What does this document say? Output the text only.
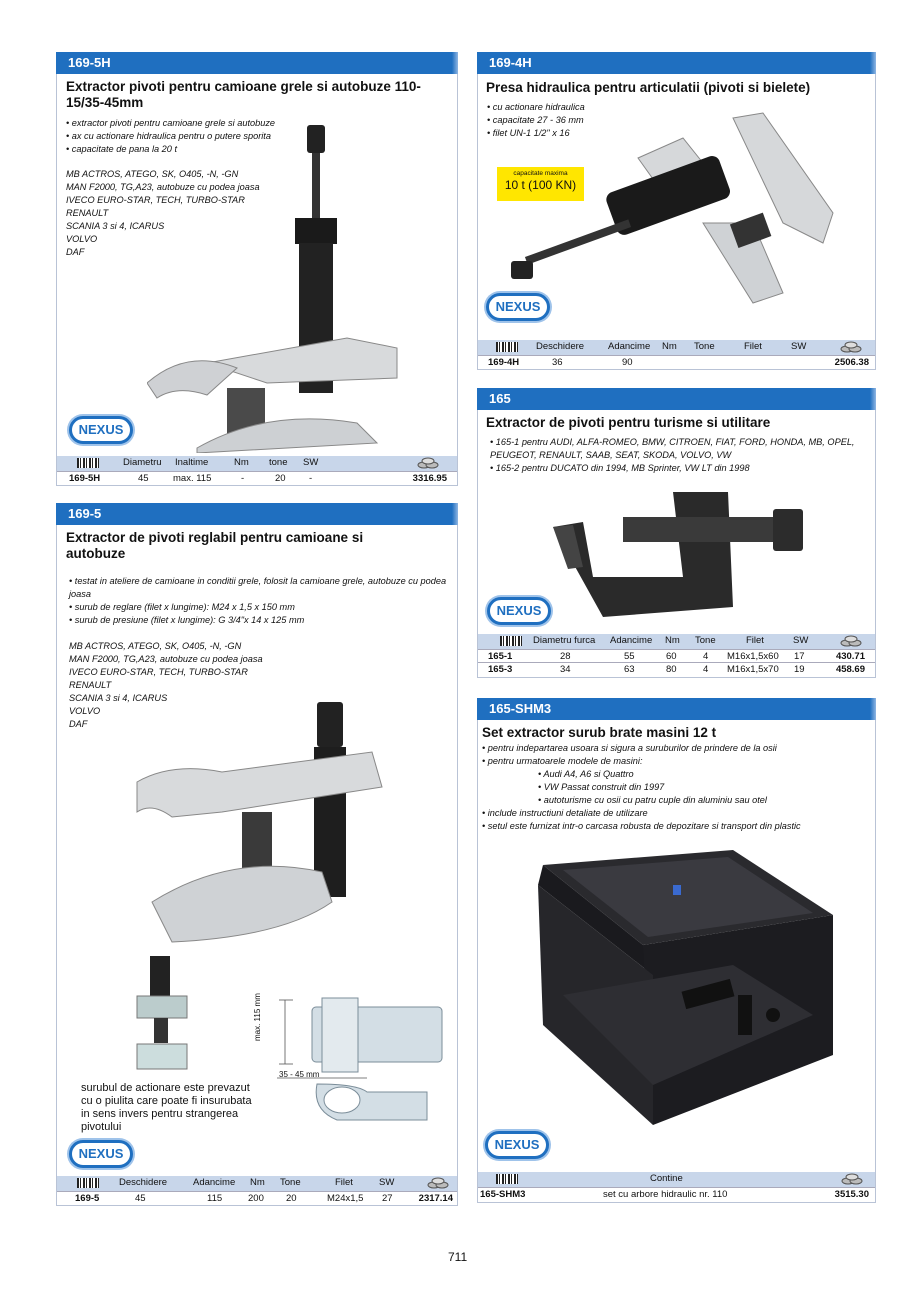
169-5H
Extractor pivoti pentru camioane grele si autobuze 110-15/35-45mm
• extractor pivoti pentru camioane grele si autobuze
• ax cu actionare hidraulica pentru o putere sporita
• capacitate de pana la 20 t
MB ACTROS, ATEGO, SK, O405, -N, -GN
MAN F2000, TG,A23, autobuze cu podea joasa
IVECO EURO-STAR, TECH, TURBO-STAR
RENAULT
SCANIA 3 si 4, ICARUS
VOLVO
DAF
NEXUS
Diametru Inaltime	Nm tone SW
169-5H	45	max. 115	-	20 -	3316.95
169-4H
Presa hidraulica pentru articulatii (pivoti si bielete)
• cu actionare hidraulica
• capacitate 27 - 36 mm
• filet UN-1 1/2" x 16
capacitate maxima
10 t (100 KN)
NEXUS
Deschidere	Adancime Nm Tone	Filet	SW
169-4H	36	90	2506.38
165
Extractor de pivoti pentru turisme si utilitare
• 165-1 pentru AUDI, ALFA-ROMEO, BMW, CITROEN, FIAT, FORD, HONDA, MB, OPEL,
PEUGEOT, RENAULT, SAAB, SEAT, SKODA, VOLVO, VW
• 165-2 pentru DUCATO din 1994, MB Sprinter, VW LT din 1998
NEXUS
Diametru furca Adancime Nm Tone	Filet	SW
165-1	28	55	60	4 M16x1,5x60 17	430.71
165-3	34	63	80	4 M16x1,5x70 19	458.69
169-5
Extractor de pivoti reglabil pentru camioane si autobuze
• testat in ateliere de camioane in conditii grele, folosit la camioane grele, autobuze cu podea
joasa
• surub de reglare (filet x lungime): M24 x 1,5 x 150 mm
• surub de presiune (filet x lungime): G 3/4"x 14 x 125 mm
MB ACTROS, ATEGO, SK, O405, -N, -GN
MAN F2000, TG,A23, autobuze cu podea joasa
IVECO EURO-STAR, TECH, TURBO-STAR
RENAULT
SCANIA 3 si 4, ICARUS
VOLVO
DAF
max. 115 mm
35 - 45 mm
surubul de actionare este prevazut cu o piulita care poate fi insurubata in sens invers pentru strangerea pivotului
NEXUS
Deschidere	Adancime Nm Tone	Filet	SW
169-5	45	115	200 20	M24x1,5 27	2317.14
165-SHM3
Set extractor surub brate masini 12 t
• pentru indepartarea usoara si sigura a suruburilor de prindere de la osii
• pentru urmatoarele modele de masini:
• Audi A4, A6 si Quattro
• VW Passat construit din 1997
• autoturisme cu osii cu patru cuple din aluminiu sau otel
• include instructiuni detaliate de utilizare
• setul este furnizat intr-o carcasa robusta de depozitare si transport din plastic
NEXUS
Contine
165-SHM3	set cu arbore hidraulic nr. 110	3515.30
711
